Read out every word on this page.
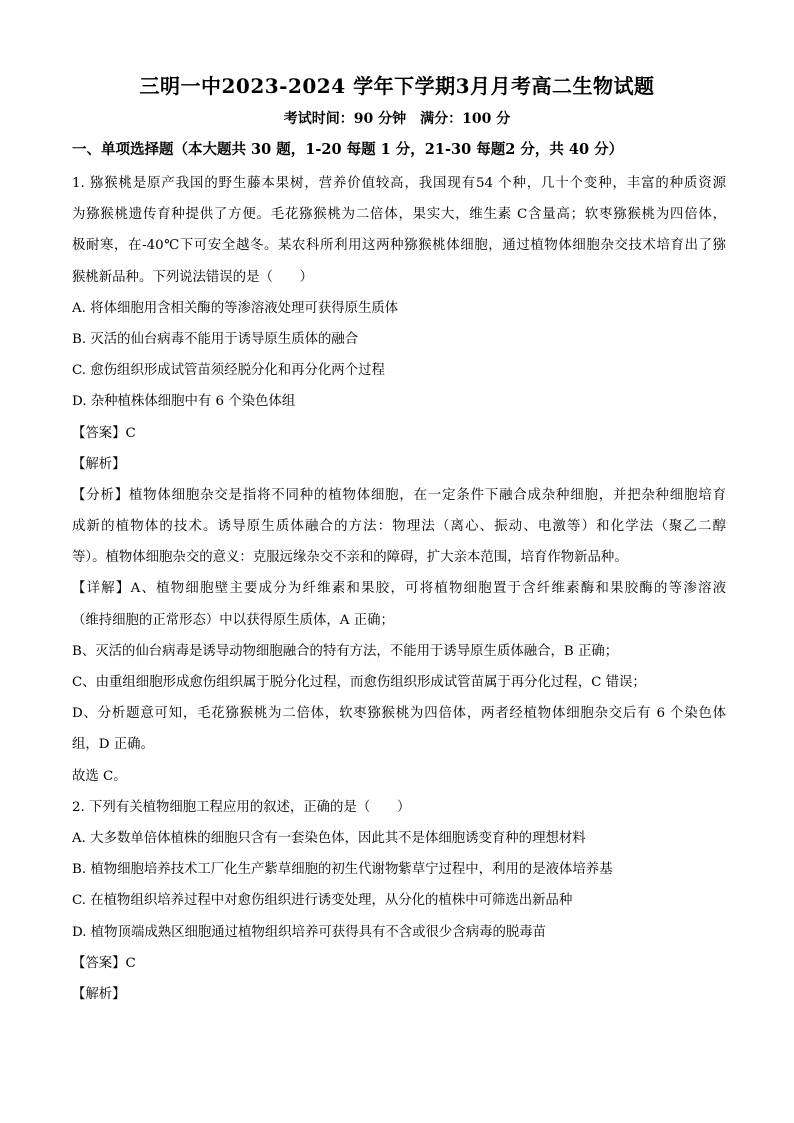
三明一中2023-2024 学年下学期3月月考高二生物试题
考试时间：90 分钟 满分：100 分
一、单项选择题（本大题共 30 题，1-20 每题 1 分，21-30 每题2 分，共 40 分）
1. 猕猴桃是原产我国的野生藤本果树，营养价值较高，我国现有54 个种，几十个变种，丰富的种质资源
为猕猴桃遗传育种提供了方便。毛花猕猴桃为二倍体，果实大，维生素 C含量高；软枣猕猴桃为四倍体，
极耐寒，在-40℃下可安全越冬。某农科所利用这两种猕猴桃体细胞，通过植物体细胞杂交技术培育出了猕
猴桃新品种。下列说法错误的是（　　）
A. 将体细胞用含相关酶的等渗溶液处理可获得原生质体
B. 灭活的仙台病毒不能用于诱导原生质体的融合
C. 愈伤组织形成试管苗须经脱分化和再分化两个过程
D. 杂种植株体细胞中有 6 个染色体组
【答案】C
【解析】
【分析】植物体细胞杂交是指将不同种的植物体细胞，在一定条件下融合成杂种细胞，并把杂种细胞培育
成新的植物体的技术。诱导原生质体融合的方法：物理法（离心、振动、电激等）和化学法（聚乙二醇
等）。植物体细胞杂交的意义：克服远缘杂交不亲和的障碍，扩大亲本范围，培育作物新品种。
【详解】A、植物细胞壁主要成分为纤维素和果胶，可将植物细胞置于含纤维素酶和果胶酶的等渗溶液
（维持细胞的正常形态）中以获得原生质体，A 正确；
B、灭活的仙台病毒是诱导动物细胞融合的特有方法，不能用于诱导原生质体融合，B 正确；
C、由重组细胞形成愈伤组织属于脱分化过程，而愈伤组织形成试管苗属于再分化过程，C 错误；
D、分析题意可知，毛花猕猴桃为二倍体，软枣猕猴桃为四倍体，两者经植物体细胞杂交后有 6 个染色体
组，D 正确。
故选 C。
2. 下列有关植物细胞工程应用的叙述，正确的是（　　）
A. 大多数单倍体植株的细胞只含有一套染色体，因此其不是体细胞诱变育种的理想材料
B. 植物细胞培养技术工厂化生产紫草细胞的初生代谢物紫草宁过程中，利用的是液体培养基
C. 在植物组织培养过程中对愈伤组织进行诱变处理，从分化的植株中可筛选出新品种
D. 植物顶端成熟区细胞通过植物组织培养可获得具有不含或很少含病毒的脱毒苗
【答案】C
【解析】
